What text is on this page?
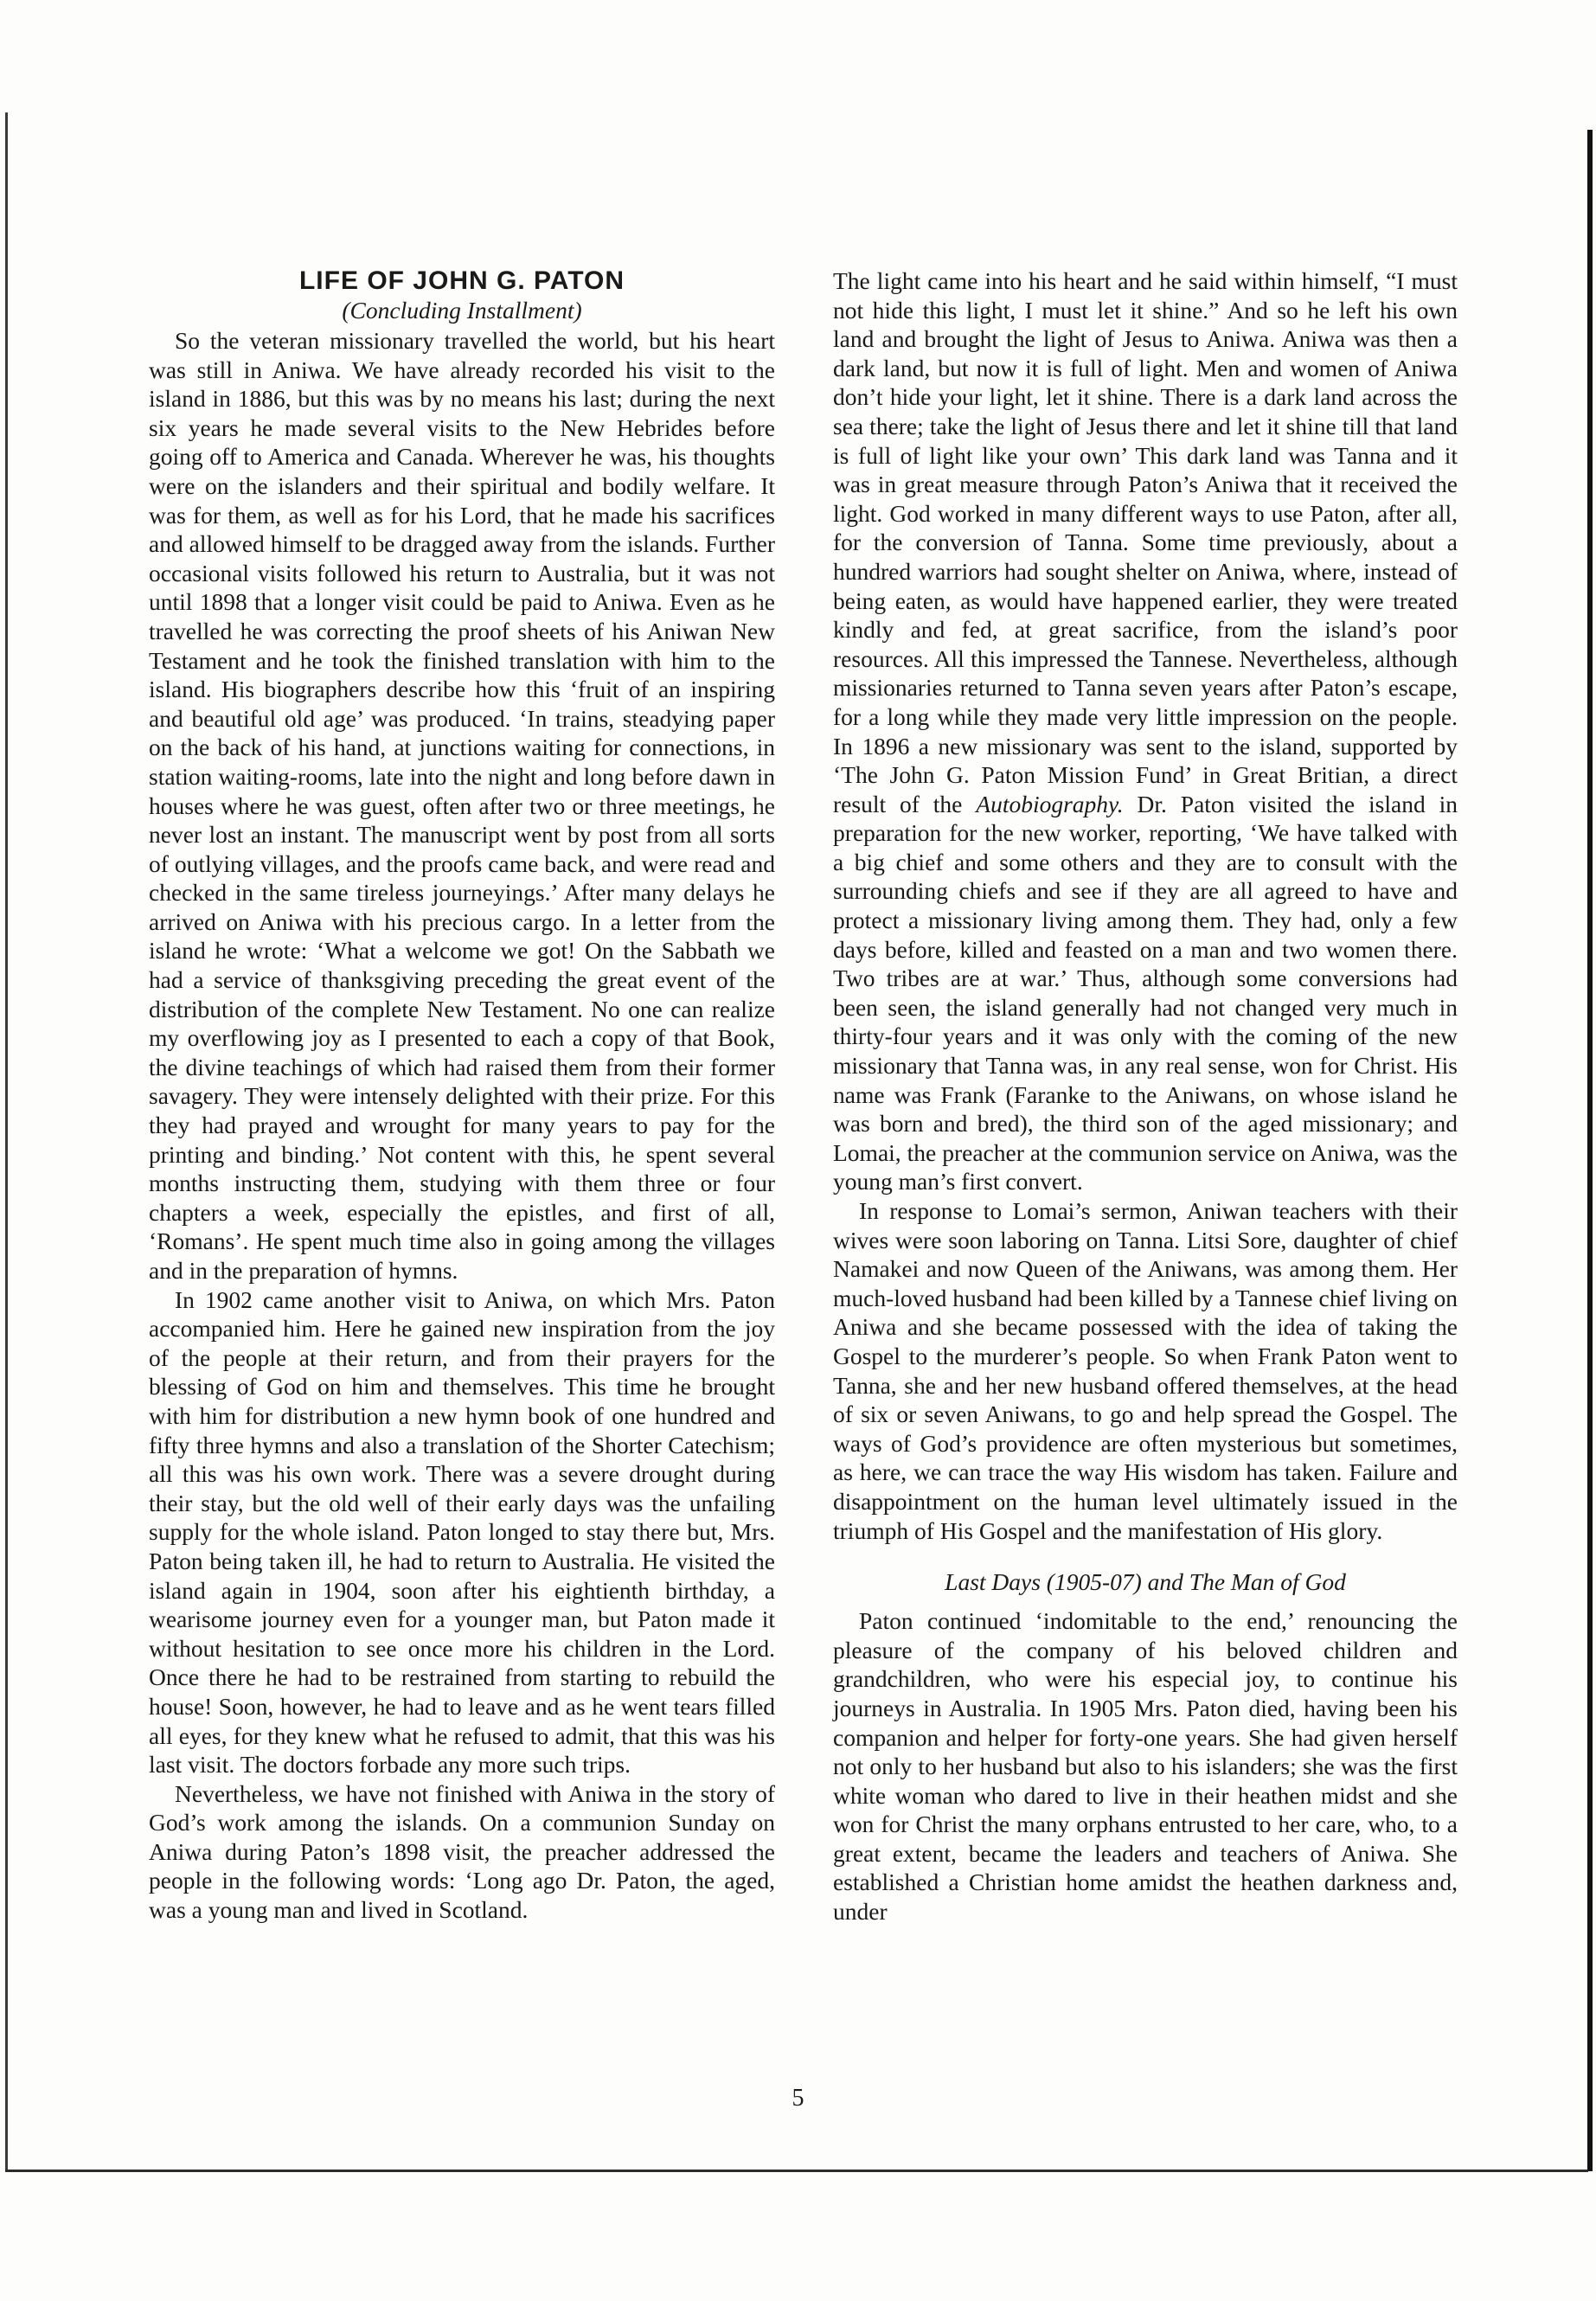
LIFE OF JOHN G. PATON
(Concluding Installment)

So the veteran missionary travelled the world, but his heart was still in Aniwa. We have already recorded his visit to the island in 1886, but this was by no means his last; during the next six years he made several visits to the New Hebrides before going off to America and Canada. Wherever he was, his thoughts were on the islanders and their spiritual and bodily welfare. It was for them, as well as for his Lord, that he made his sacrifices and allowed himself to be dragged away from the islands. Further occasional visits followed his return to Australia, but it was not until 1898 that a longer visit could be paid to Aniwa. Even as he travelled he was correcting the proof sheets of his Aniwan New Testament and he took the finished translation with him to the island. His biographers describe how this ‘fruit of an inspiring and beautiful old age’ was produced. ‘In trains, steadying paper on the back of his hand, at junctions waiting for connections, in station waiting-rooms, late into the night and long before dawn in houses where he was guest, often after two or three meetings, he never lost an instant. The manuscript went by post from all sorts of outlying villages, and the proofs came back, and were read and checked in the same tireless journeyings.’ After many delays he arrived on Aniwa with his precious cargo. In a letter from the island he wrote: ‘What a welcome we got! On the Sabbath we had a service of thanksgiving preceding the great event of the distribution of the complete New Testament. No one can realize my overflowing joy as I presented to each a copy of that Book, the divine teachings of which had raised them from their former savagery. They were intensely delighted with their prize. For this they had prayed and wrought for many years to pay for the printing and binding.’ Not content with this, he spent several months instructing them, studying with them three or four chapters a week, especially the epistles, and first of all, ‘Romans’. He spent much time also in going among the villages and in the preparation of hymns.

In 1902 came another visit to Aniwa, on which Mrs. Paton accompanied him. Here he gained new inspiration from the joy of the people at their return, and from their prayers for the blessing of God on him and themselves. This time he brought with him for distribution a new hymn book of one hundred and fifty three hymns and also a translation of the Shorter Catechism; all this was his own work. There was a severe drought during their stay, but the old well of their early days was the unfailing supply for the whole island. Paton longed to stay there but, Mrs. Paton being taken ill, he had to return to Australia. He visited the island again in 1904, soon after his eightienth birthday, a wearisome journey even for a younger man, but Paton made it without hesitation to see once more his children in the Lord. Once there he had to be restrained from starting to rebuild the house! Soon, however, he had to leave and as he went tears filled all eyes, for they knew what he refused to admit, that this was his last visit. The doctors forbade any more such trips.

Nevertheless, we have not finished with Aniwa in the story of God’s work among the islands. On a communion Sunday on Aniwa during Paton’s 1898 visit, the preacher addressed the people in the following words: ‘Long ago Dr. Paton, the aged, was a young man and lived in Scotland.

The light came into his heart and he said within himself, “I must not hide this light, I must let it shine.” And so he left his own land and brought the light of Jesus to Aniwa. Aniwa was then a dark land, but now it is full of light. Men and women of Aniwa don’t hide your light, let it shine. There is a dark land across the sea there; take the light of Jesus there and let it shine till that land is full of light like your own’ This dark land was Tanna and it was in great measure through Paton’s Aniwa that it received the light. God worked in many different ways to use Paton, after all, for the conversion of Tanna. Some time previously, about a hundred warriors had sought shelter on Aniwa, where, instead of being eaten, as would have happened earlier, they were treated kindly and fed, at great sacrifice, from the island’s poor resources. All this impressed the Tannese. Nevertheless, although missionaries returned to Tanna seven years after Paton’s escape, for a long while they made very little impression on the people. In 1896 a new missionary was sent to the island, supported by ‘The John G. Paton Mission Fund’ in Great Britian, a direct result of the Autobiography. Dr. Paton visited the island in preparation for the new worker, reporting, ‘We have talked with a big chief and some others and they are to consult with the surrounding chiefs and see if they are all agreed to have and protect a missionary living among them. They had, only a few days before, killed and feasted on a man and two women there. Two tribes are at war.’ Thus, although some conversions had been seen, the island generally had not changed very much in thirty-four years and it was only with the coming of the new missionary that Tanna was, in any real sense, won for Christ. His name was Frank (Faranke to the Aniwans, on whose island he was born and bred), the third son of the aged missionary; and Lomai, the preacher at the communion service on Aniwa, was the young man’s first convert.

In response to Lomai’s sermon, Aniwan teachers with their wives were soon laboring on Tanna. Litsi Sore, daughter of chief Namakei and now Queen of the Aniwans, was among them. Her much-loved husband had been killed by a Tannese chief living on Aniwa and she became possessed with the idea of taking the Gospel to the murderer’s people. So when Frank Paton went to Tanna, she and her new husband offered themselves, at the head of six or seven Aniwans, to go and help spread the Gospel. The ways of God’s providence are often mysterious but sometimes, as here, we can trace the way His wisdom has taken. Failure and disappointment on the human level ultimately issued in the triumph of His Gospel and the manifestation of His glory.

Last Days (1905-07) and The Man of God

Paton continued ‘indomitable to the end,’ renouncing the pleasure of the company of his beloved children and grandchildren, who were his especial joy, to continue his journeys in Australia. In 1905 Mrs. Paton died, having been his companion and helper for forty-one years. She had given herself not only to her husband but also to his islanders; she was the first white woman who dared to live in their heathen midst and she won for Christ the many orphans entrusted to her care, who, to a great extent, became the leaders and teachers of Aniwa. She established a Christian home amidst the heathen darkness and, under

5
